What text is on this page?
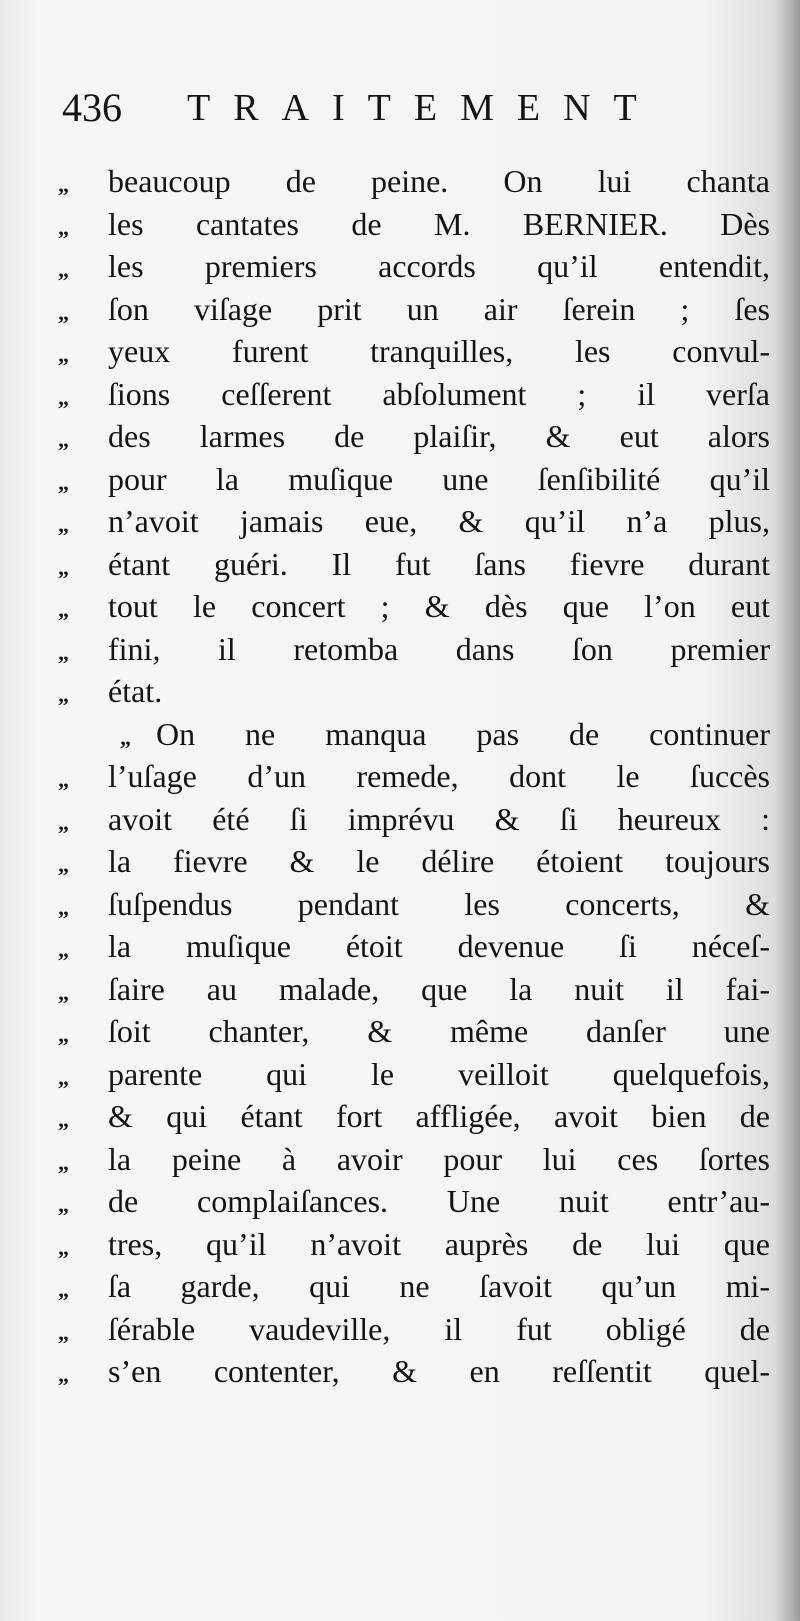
436 TRAITEMENT
„	beaucoup de peine. On lui chanta
„	les cantates de M. BERNIER. Dès
„	les premiers accords qu’il entendit,
„	ſon viſage prit un air ſerein ; ſes
„	yeux furent tranquilles, les convul-
„	ſions ceſſerent abſolument ; il verſa
„	des larmes de plaiſir, & eut alors
„	pour la muſique une ſenſibilité qu’il
„	n’avoit jamais eue, & qu’il n’a plus,
„	étant guéri. Il fut ſans fievre durant
„	tout le concert ; & dès que l’on eut
„	fini, il retomba dans ſon premier
„	état.
„ On ne manqua pas de continuer
„	l’uſage d’un remede, dont le ſuccès
„	avoit été ſi imprévu & ſi heureux :
„	la fievre & le délire étoient toujours
„	ſuſpendus pendant les concerts, &
„	la muſique étoit devenue ſi néceſ-
„	ſaire au malade, que la nuit il fai-
„	ſoit chanter, & même danſer une
„	parente qui le veilloit quelquefois,
„	& qui étant fort affligée, avoit bien de
„	la peine à avoir pour lui ces ſortes
„	de complaiſances. Une nuit entr’au-
„	tres, qu’il n’avoit auprès de lui que
„	ſa garde, qui ne ſavoit qu’un mi-
„	ſérable vaudeville, il fut obligé de
„	s’en contenter, & en reſſentit quel-
